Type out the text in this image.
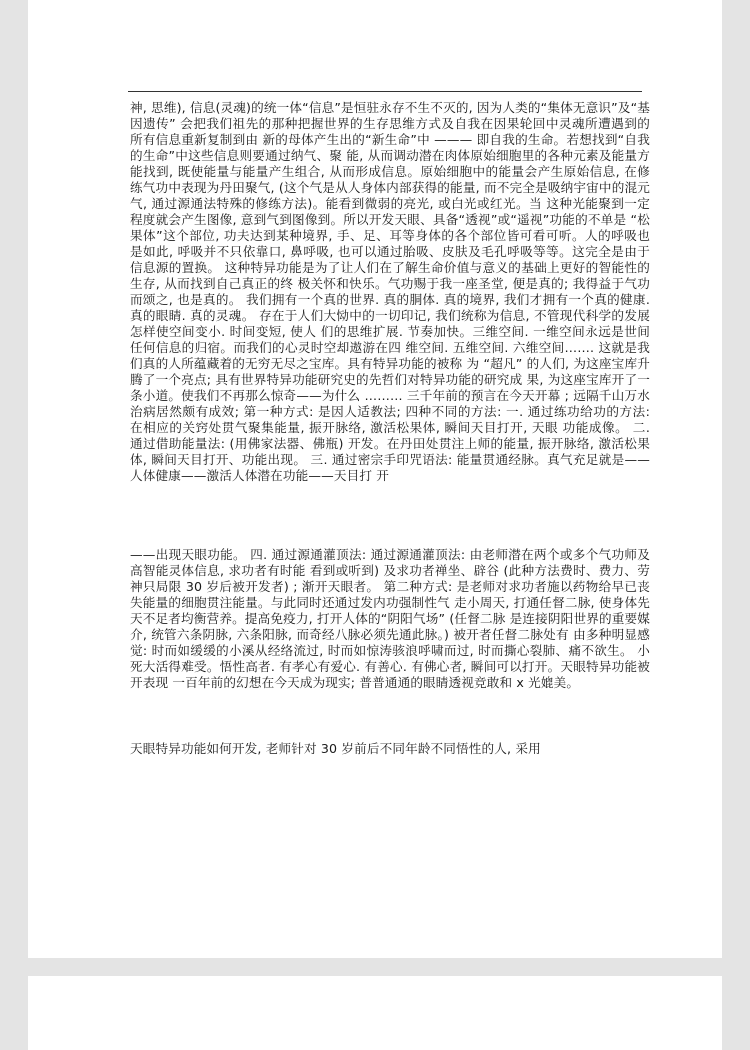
神, 思维), 信息(灵魂)的统一体“信息”是恒驻永存不生不灭的, 因为人类的“集体无意识”及“基因遗传” 会把我们祖先的那种把握世界的生存思维方式及自我在因果轮回中灵魂所遭遇到的所有信息重新复制到由 新的母体产生出的“新生命”中 ——— 即自我的生命。若想找到“自我的生命”中这些信息则要通过纳气、聚 能, 从而调动潜在肉体原始细胞里的各种元素及能量方能找到, 既使能量与能量产生组合, 从而形成信息。原始细胞中的能量会产生原始信息, 在修练气功中表现为丹田聚气, (这个气是从人身体内部获得的能量, 而不完全是吸纳宇宙中的混元气, 通过源通法特殊的修练方法)。能看到微弱的亮光, 或白光或红光。当 这种光能聚到一定程度就会产生图像, 意到气到图像到。所以开发天眼、具备“透视”或“遥视”功能的不单是 “松果体”这个部位, 功夫达到某种境界, 手、足、耳等身体的各个部位皆可看可听。人的呼吸也是如此, 呼吸并不只依靠口, 鼻呼吸, 也可以通过胎吸、皮肤及毛孔呼吸等等。这完全是由于信息源的置换。 这种特异功能是为了让人们在了解生命价值与意义的基础上更好的智能性的生存, 从而找到自己真正的终 极关怀和快乐。气功赐于我一座圣堂, 便是真的; 我得益于气功而颂之, 也是真的。 我们拥有一个真的世界. 真的胴体. 真的境界, 我们才拥有一个真的健康. 真的眼睛. 真的灵魂。 存在于人们大恸中的一切印记, 我们统称为信息, 不管现代科学的发展怎样使空间变小. 时间变短, 使人 们的思维扩展. 节奏加快。三维空间. 一维空间永远是世间任何信息的归宿。而我们的心灵时空却遨游在四 维空间. 五维空间. 六维空间……. 这就是我们真的人所蕴藏着的无穷无尽之宝库。具有特异功能的被称 为 “超凡” 的人们, 为这座宝库升腾了一个亮点; 具有世界特异功能研究史的先哲们对特异功能的研究成 果, 为这座宝库开了一条小道。使我们不再那么惊奇——为什么 ……… 三千年前的预言在今天开幕 ; 远隔千山万水治病居然颇有成效; 第一种方式: 是因人适教法; 四种不同的方法: 一. 通过练功给功的方法: 在相应的关窍处贯气聚集能量, 振开脉络, 激活松果体, 瞬间天目打开, 天眼 功能成像。 二. 通过借助能量法: (用佛家法器、佛瓶) 开发。在丹田处贯注上师的能量, 振开脉络, 激活松果体, 瞬间天目打开、功能出现。 三. 通过密宗手印咒语法: 能量贯通经脉。真气充足就是——人体健康——激活人体潜在功能——天目打 开
——出现天眼功能。 四. 通过源通灌顶法: 通过源通灌顶法: 由老师潜在两个或多个气功师及高智能灵体信息, 求功者有时能 看到或听到) 及求功者禅坐、辟谷 (此种方法费时、费力、劳神只局限 30 岁后被开发者) ; 渐开天眼者。 第二种方式: 是老师对求功者施以药物给早已丧失能量的细胞贯注能量。与此同时还通过发内功强制性气 走小周天, 打通任督二脉, 使身体先天不足者均衡营养。提高免疫力, 打开人体的“阴阳气场” (任督二脉 是连接阴阳世界的重要媒介, 统管六条阴脉, 六条阳脉, 而奇经八脉必须先通此脉。) 被开者任督二脉处有 由多种明显感觉: 时而如缓缓的小溪从经络流过, 时而如惊涛骇浪呼啸而过, 时而撕心裂肺、痛不欲生。 小死大活得难受。悟性高者. 有孝心有爱心. 有善心. 有佛心者, 瞬间可以打开。天眼特异功能被开表现 一百年前的幻想在今天成为现实; 普普通通的眼睛透视竞敢和 x 光媲美。
天眼特异功能如何开发, 老师针对 30 岁前后不同年龄不同悟性的人, 采用
